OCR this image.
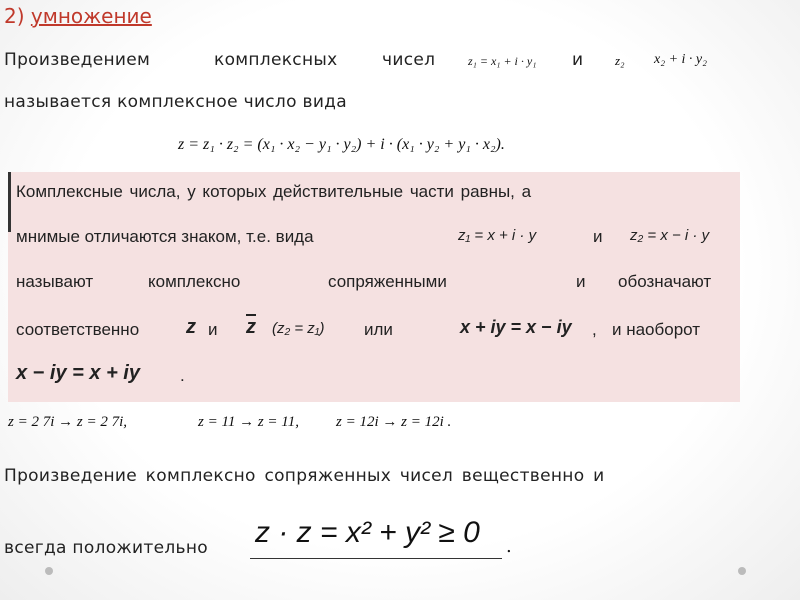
2) умножение
Произведением	комплексных	чисел	z₁ = x₁ + i · y₁ и z₂ x₂ + i · y₂
называется комплексное число вида
z = z₁ · z₂ = (x₁ · x₂ − y₁ · y₂) + i · (x₁ · y₂ + y₁ · x₂).
Комплексные числа, у которых действительные части равны, а
мнимые отличаются знаком, т.е. вида	z₁ = x + i · y	и z₂ = x − i · y
называют	комплексно	сопряженными	и обозначают
соответственно z и $\overline{z}$ (z₂ = z₁) или	x + iy = x − iy , и наоборот
x − iy = x + iy .
z = 2 7i → z = 2 7i,	z = 11 → z = 11, z = 12i → z = 12i .
Произведение комплексно сопряженных чисел вещественно и
всегда положительно z · z = x² + y² ≥ 0 .
